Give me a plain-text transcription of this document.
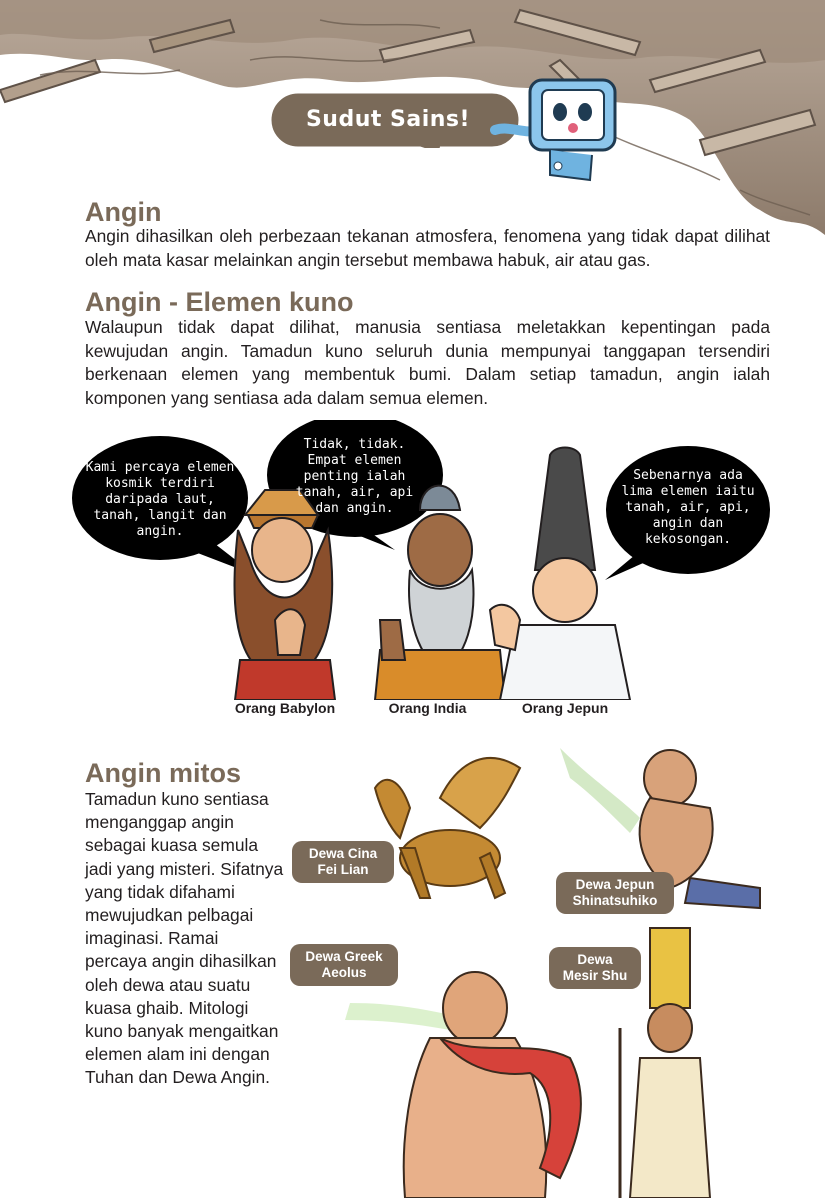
Sudut Sains!
Angin

Angin dihasilkan oleh perbezaan tekanan atmosfera, fenomena yang tidak dapat dilihat oleh mata kasar melainkan angin tersebut membawa habuk, air atau gas.

Angin - Elemen kuno

Walaupun tidak dapat dilihat, manusia sentiasa meletakkan kepentingan pada kewujudan angin. Tamadun kuno seluruh dunia mempunyai tanggapan tersendiri berkenaan elemen yang membentuk bumi. Dalam setiap tamadun, angin ialah komponen yang sentiasa ada dalam semua elemen.

Kami percaya elemen kosmik terdiri daripada laut, tanah, langit dan angin.
Tidak, tidak. Empat elemen penting ialah tanah, air, api dan angin.
Sebenarnya ada lima elemen iaitu tanah, air, api, angin dan kekosongan.
Orang Babylon	Orang India	Orang Jepun
Angin mitos

Tamadun kuno sentiasa menganggap angin sebagai kuasa semula jadi yang misteri. Sifatnya yang tidak difahami mewujudkan pelbagai imaginasi. Ramai percaya angin dihasilkan oleh dewa atau suatu kuasa ghaib. Mitologi kuno banyak mengaitkan elemen alam ini dengan Tuhan dan Dewa Angin.

Dewa Cina
Fei Lian
Dewa Jepun
Shinatsuhiko
Dewa Greek
Aeolus
Dewa
Mesir Shu
